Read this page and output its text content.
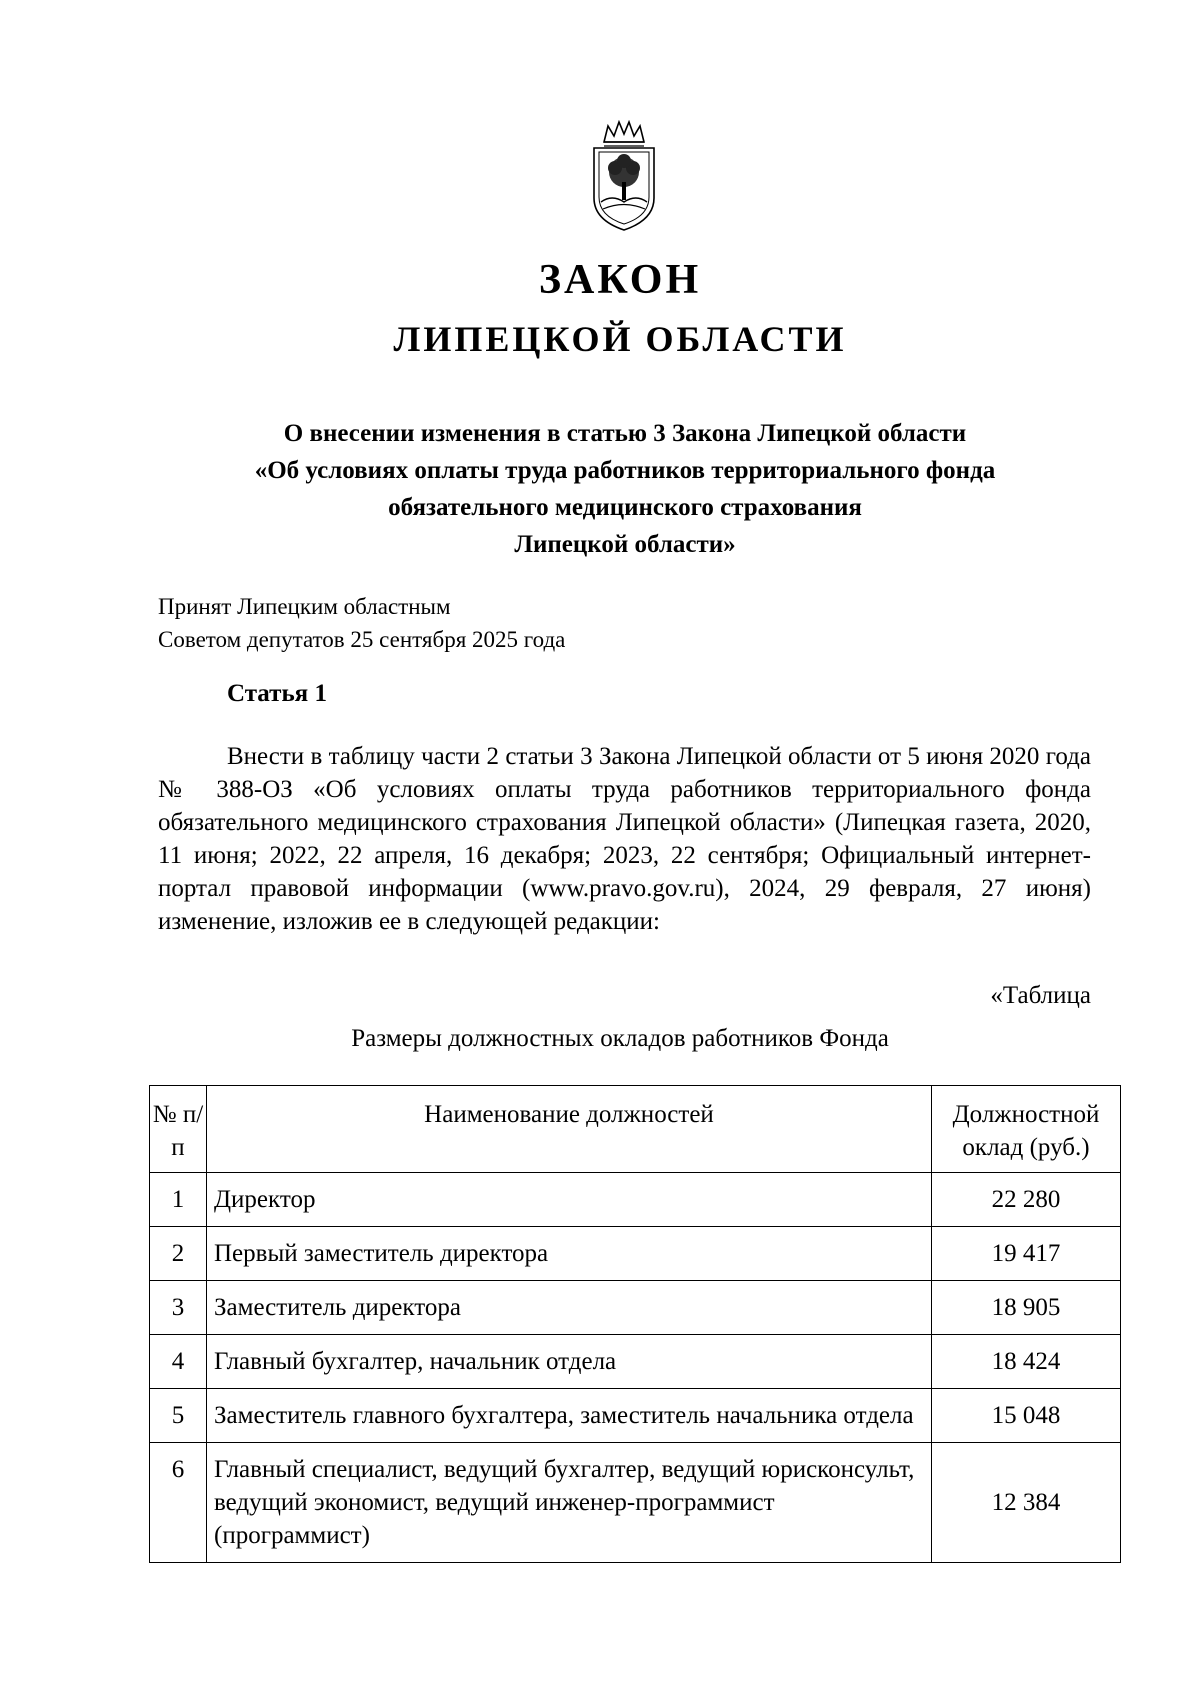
ЗАКОН
ЛИПЕЦКОЙ ОБЛАСТИ
О внесении изменения в статью 3 Закона Липецкой области
«Об условиях оплаты труда работников территориального фонда
обязательного медицинского страхования
Липецкой области»
Принят Липецким областным
Советом депутатов 25 сентября 2025 года
Статья 1
Внести в таблицу части 2 статьи 3 Закона Липецкой области от 5 июня 2020 года № 388-ОЗ «Об условиях оплаты труда работников территориального фонда обязательного медицинского страхования Липецкой области» (Липецкая газета, 2020, 11 июня; 2022, 22 апреля, 16 декабря; 2023, 22 сентября; Официальный интернет-портал правовой информации (www.pravo.gov.ru), 2024, 29 февраля, 27 июня) изменение, изложив ее в следующей редакции:
«Таблица
Размеры должностных окладов работников Фонда
№ п/п	Наименование должностей	Должностной оклад (руб.)
1	Директор	22 280
2	Первый заместитель директора	19 417
3	Заместитель директора	18 905
4	Главный бухгалтер, начальник отдела	18 424
5	Заместитель главного бухгалтера, заместитель начальника отдела	15 048
6	Главный специалист, ведущий бухгалтер, ведущий юрисконсульт, ведущий экономист, ведущий инженер-программист (программист)	12 384
